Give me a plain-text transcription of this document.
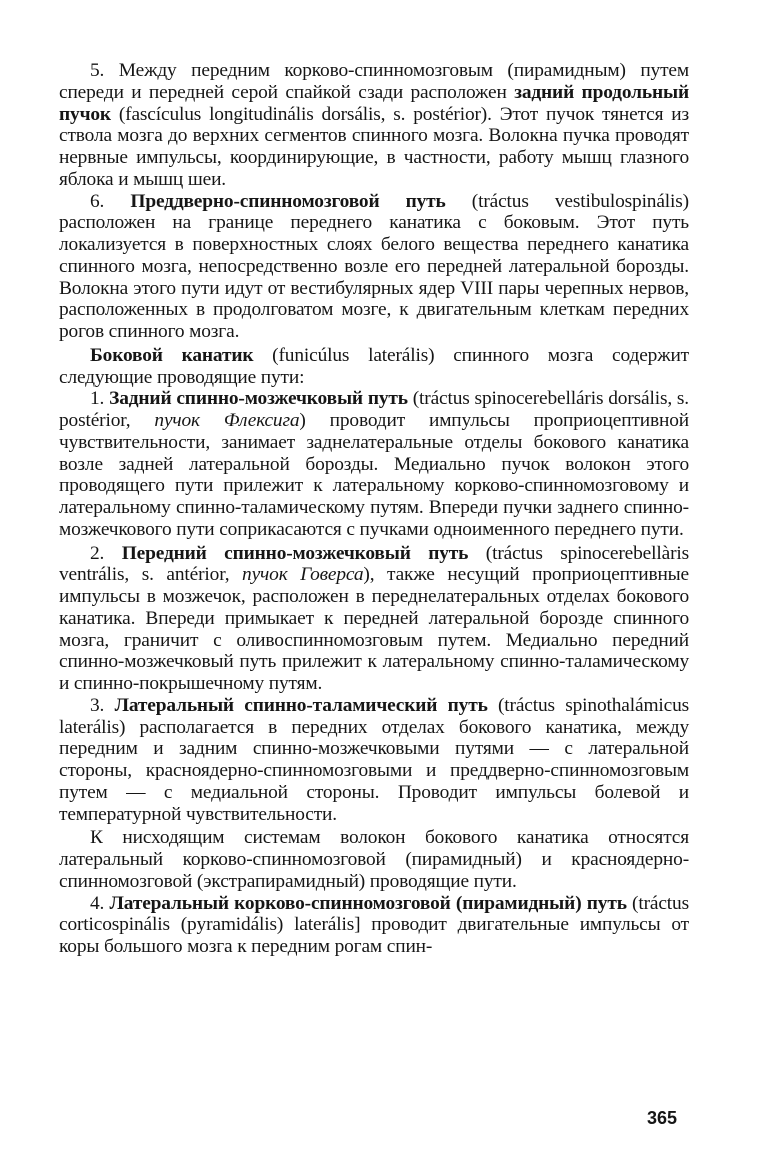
5. Между передним корково-спинномозговым (пирамидным) путем спереди и передней серой спайкой сзади расположен задний продольный пучок (fascículus longitudinális dorsális, s. postérior). Этот пучок тянется из ствола мозга до верхних сегментов спинного мозга. Волокна пучка проводят нервные импульсы, координирующие, в частности, работу мышц глазного яблока и мышц шеи.

6. Преддверно-спинномозговой путь (tráctus vestibulospinális) расположен на границе переднего канатика с боковым. Этот путь локализуется в поверхностных слоях белого вещества переднего канатика спинного мозга, непосредственно возле его передней латеральной борозды. Волокна этого пути идут от вестибулярных ядер VIII пары черепных нервов, расположенных в продолговатом мозге, к двигательным клеткам передних рогов спинного мозга.

Боковой канатик (funicúlus laterális) спинного мозга содержит следующие проводящие пути:

1. Задний спинно-мозжечковый путь (tráctus spinocerebelláris dorsális, s. postérior, пучок Флексига) проводит импульсы проприоцептивной чувствительности, занимает заднелатеральные отделы бокового канатика возле задней латеральной борозды. Медиально пучок волокон этого проводящего пути прилежит к латеральному корково-спинномозговому и латеральному спинно-таламическому путям. Впереди пучки заднего спинно-мозжечкового пути соприкасаются с пучками одноименного переднего пути.

2. Передний спинно-мозжечковый путь (tráctus spinocerebellàris ventrális, s. antérior, пучок Говерса), также несущий проприоцептивные импульсы в мозжечок, расположен в переднелатеральных отделах бокового канатика. Впереди примыкает к передней латеральной борозде спинного мозга, граничит с оливоспинномозговым путем. Медиально передний спинно-мозжечковый путь прилежит к латеральному спинно-таламическому и спинно-покрышечному путям.

3. Латеральный спинно-таламический путь (tráctus spinothalámicus laterális) располагается в передних отделах бокового канатика, между передним и задним спинно-мозжечковыми путями — с латеральной стороны, красноядерно-спинномозговыми и преддверно-спинномозговым путем — с медиальной стороны. Проводит импульсы болевой и температурной чувствительности.

К нисходящим системам волокон бокового канатика относятся латеральный корково-спинномозговой (пирамидный) и красноядерно-спинномозговой (экстрапирамидный) проводящие пути.

4. Латеральный корково-спинномозговой (пирамидный) путь (tráctus corticospinális (pyramidális) laterális] проводит двигательные импульсы от коры большого мозга к передним рогам спин-

365
